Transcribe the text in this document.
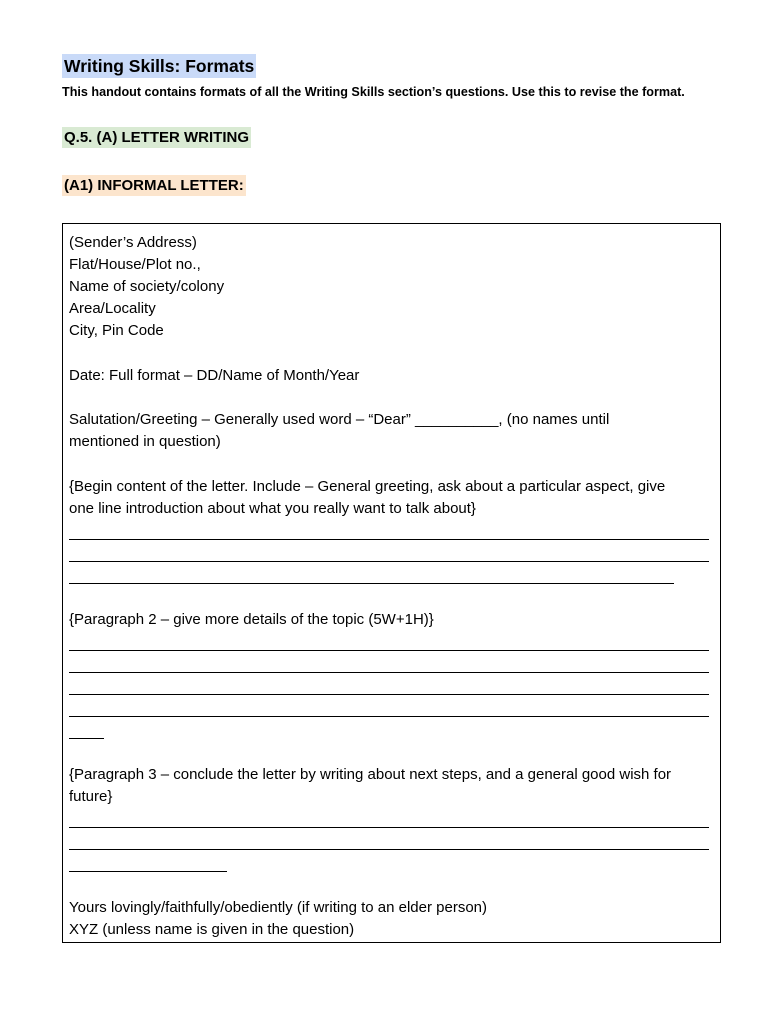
Writing Skills: Formats
This handout contains formats of all the Writing Skills section’s questions. Use this to revise the format.
Q.5. (A) LETTER WRITING
(A1) INFORMAL LETTER:
(Sender’s Address)
Flat/House/Plot no.,
Name of society/colony
Area/Locality
City, Pin Code
Date: Full format – DD/Name of Month/Year
Salutation/Greeting – Generally used word – “Dear” __________, (no names until
mentioned in question)
{Begin content of the letter. Include – General greeting, ask about a particular aspect, give
one line introduction about what you really want to talk about}
{Paragraph 2 – give more details of the topic (5W+1H)}
{Paragraph 3 – conclude the letter by writing about next steps, and a general good wish for
future}
Yours lovingly/faithfully/obediently (if writing to an elder person)
XYZ (unless name is given in the question)
